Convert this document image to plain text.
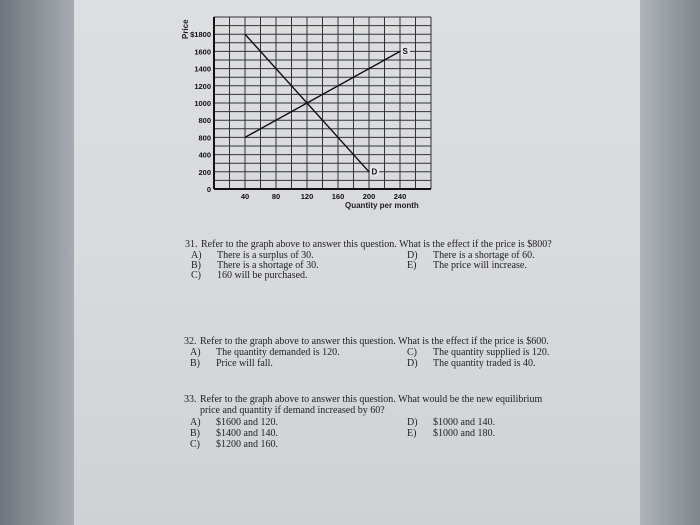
S
D
0
200
400
800
800
1000
1200
1400
1600
$1800
40	80	120 160 200 240
Price
Quantity per month
31. Refer to the graph above to answer this question. What is the effect if the price is $800?
A) There is a surplus of 30.
B) There is a shortage of 30.
C) 160 will be purchased.
D) There is a shortage of 60.
E) The price will increase.
32. Refer to the graph above to answer this question. What is the effect if the price is $600.
A) The quantity demanded is 120.
B) Price will fall.
C) The quantity supplied is 120.
D) The quantity traded is 40.
33. Refer to the graph above to answer this question. What would be the new equilibrium
price and quantity if demand increased by 60?
A) $1600 and 120.
B) $1400 and 140.
C) $1200 and 160.
D) $1000 and 140.
E) $1000 and 180.
